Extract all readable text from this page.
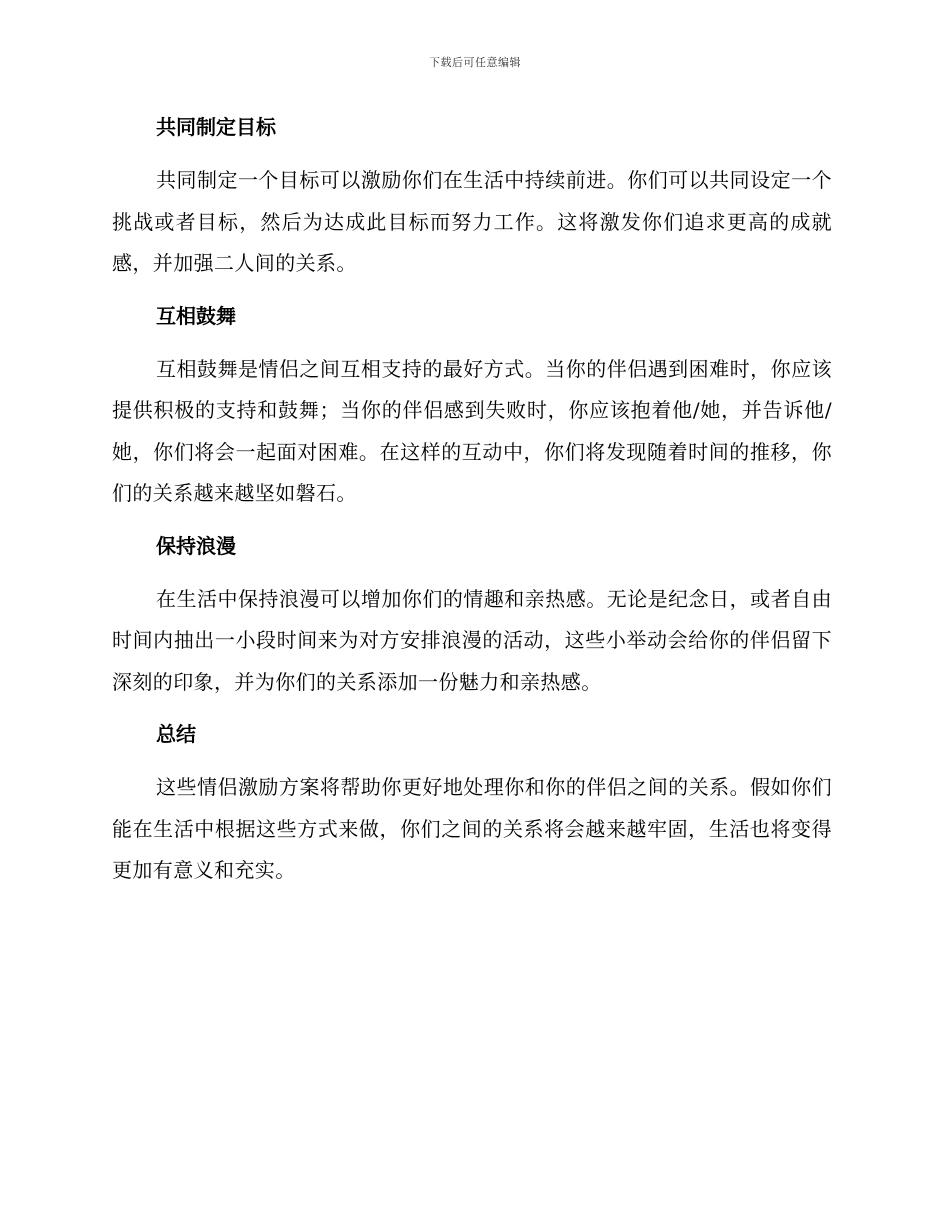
下载后可任意编辑
共同制定目标

共同制定一个目标可以激励你们在生活中持续前进。你们可以共同设定一个挑战或者目标，然后为达成此目标而努力工作。这将激发你们追求更高的成就感，并加强二人间的关系。

互相鼓舞

互相鼓舞是情侣之间互相支持的最好方式。当你的伴侣遇到困难时，你应该提供积极的支持和鼓舞；当你的伴侣感到失败时，你应该抱着他/她，并告诉他/她，你们将会一起面对困难。在这样的互动中，你们将发现随着时间的推移，你们的关系越来越坚如磐石。

保持浪漫

在生活中保持浪漫可以增加你们的情趣和亲热感。无论是纪念日，或者自由时间内抽出一小段时间来为对方安排浪漫的活动，这些小举动会给你的伴侣留下深刻的印象，并为你们的关系添加一份魅力和亲热感。

总结

这些情侣激励方案将帮助你更好地处理你和你的伴侣之间的关系。假如你们能在生活中根据这些方式来做，你们之间的关系将会越来越牢固，生活也将变得更加有意义和充实。
